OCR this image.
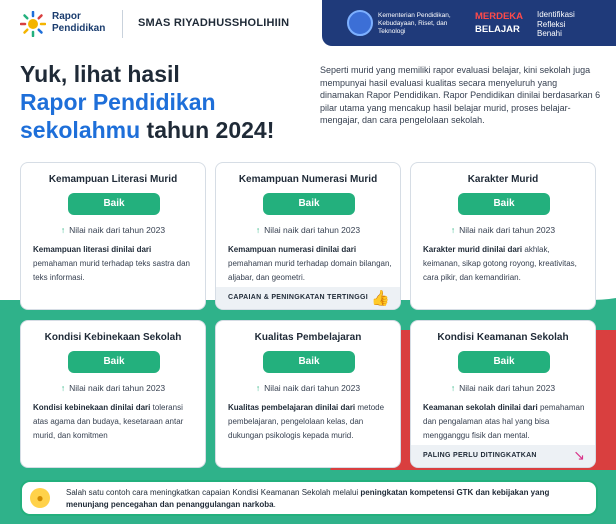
Rapor
Pendidikan	SMAS RIYADHUSSHOLIHIIN
Kementerian Pendidikan, Kebudayaan, Riset, dan Teknologi
MERDEKA
BELAJAR
Identifikasi
Refleksi
Benahi
Yuk, lihat hasil
Rapor Pendidikan
sekolahmu tahun 2024!
Seperti murid yang memiliki rapor evaluasi belajar, kini sekolah juga mempunyai hasil evaluasi kualitas secara menyeluruh yang dinamakan Rapor Pendidikan. Rapor Pendidikan dinilai berdasarkan 6 pilar utama yang mencakup hasil belajar murid, proses belajar-mengajar, dan cara pengelolaan sekolah.
Kemampuan Literasi Murid
Baik
↑ Nilai naik dari tahun 2023
Kemampuan literasi dinilai dari pemahaman murid terhadap teks sastra dan teks informasi.
Kemampuan Numerasi Murid
Baik
↑ Nilai naik dari tahun 2023
Kemampuan numerasi dinilai dari pemahaman murid terhadap domain bilangan, aljabar, dan geometri.
CAPAIAN & PENINGKATAN TERTINGGI 👍
Karakter Murid
Baik
↑ Nilai naik dari tahun 2023
Karakter murid dinilai dari akhlak, keimanan, sikap gotong royong, kreativitas, cara pikir, dan kemandirian.
Kondisi Kebinekaan Sekolah
Baik
↑ Nilai naik dari tahun 2023
Kondisi kebinekaan dinilai dari toleransi atas agama dan budaya, kesetaraan antar murid, dan komitmen
Kualitas Pembelajaran
Baik
↑ Nilai naik dari tahun 2023
Kualitas pembelajaran dinilai dari metode pembelajaran, pengelolaan kelas, dan dukungan psikologis kepada murid.
Kondisi Keamanan Sekolah
Baik
↑ Nilai naik dari tahun 2023
Keamanan sekolah dinilai dari pemahaman dan pengalaman atas hal yang bisa mengganggu fisik dan mental.
PALING PERLU DITINGKATKAN	↘
●	Salah satu contoh cara meningkatkan capaian Kondisi Keamanan Sekolah melalui peningkatan kompetensi GTK dan kebijakan yang menunjang pencegahan dan penanggulangan narkoba.
